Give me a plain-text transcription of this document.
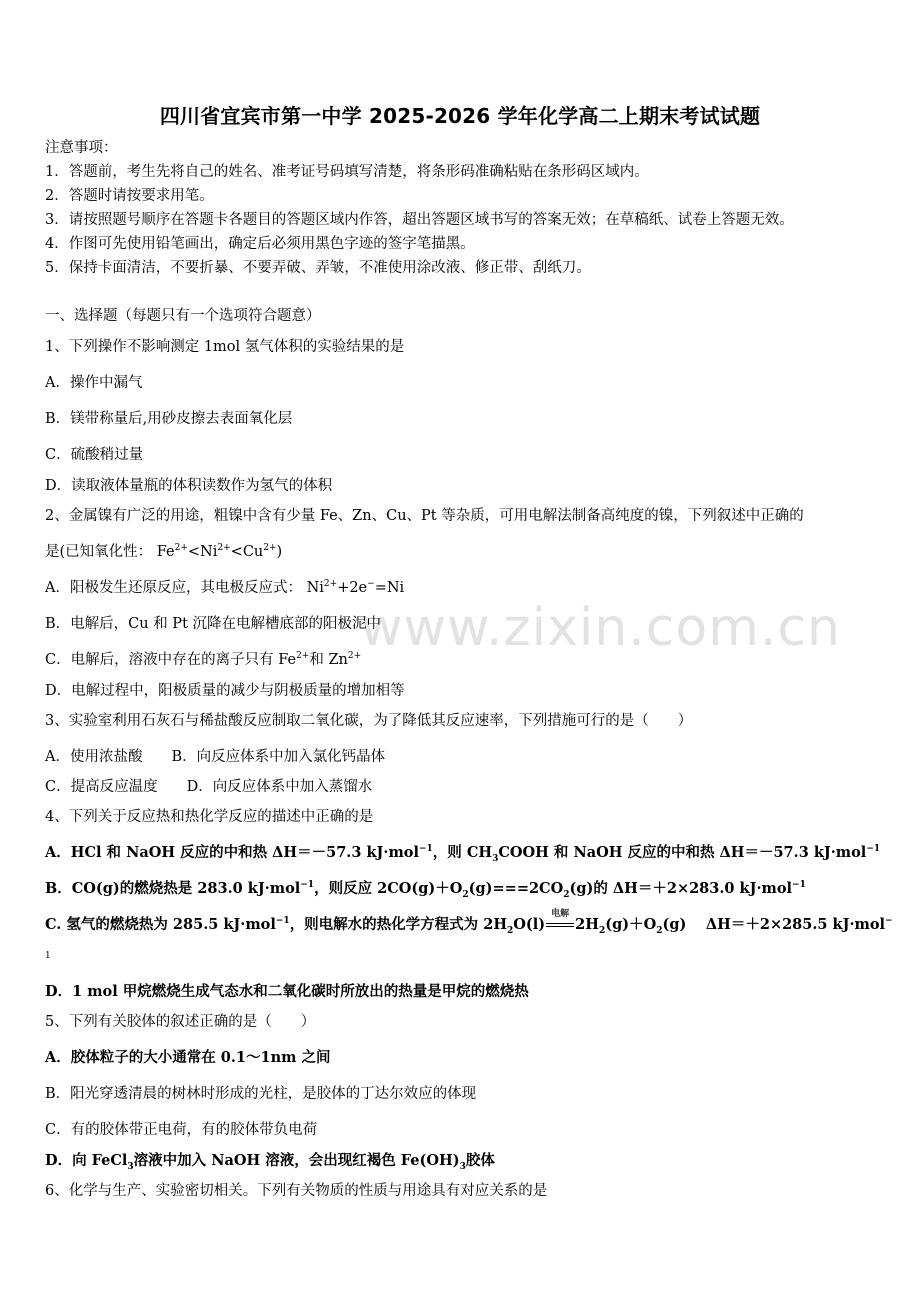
www.zixin.com.cn
四川省宜宾市第一中学 2025-2026 学年化学高二上期末考试试题
注意事项：
1．答题前，考生先将自己的姓名、准考证号码填写清楚，将条形码准确粘贴在条形码区域内。
2．答题时请按要求用笔。
3．请按照题号顺序在答题卡各题目的答题区域内作答，超出答题区域书写的答案无效；在草稿纸、试卷上答题无效。
4．作图可先使用铅笔画出，确定后必须用黑色字迹的签字笔描黑。
5．保持卡面清洁，不要折暴、不要弄破、弄皱，不准使用涂改液、修正带、刮纸刀。
一、选择题（每题只有一个选项符合题意）
1、下列操作不影响测定 1mol 氢气体积的实验结果的是
A．操作中漏气
B．镁带称量后,用砂皮擦去表面氧化层
C．硫酸稍过量
D．读取液体量瓶的体积读数作为氢气的体积
2、金属镍有广泛的用途，粗镍中含有少量 Fe、Zn、Cu、Pt 等杂质，可用电解法制备高纯度的镍，下列叙述中正确的
是(已知氧化性： $Fe^{2+}<Ni^{2+}<Cu^{2+}$)
A．阳极发生还原反应，其电极反应式： $Ni^{2+}+2e^-=Ni$
B．电解后，Cu 和 Pt 沉降在电解槽底部的阳极泥中
C．电解后，溶液中存在的离子只有 $Fe^{2+}$和 $Zn^{2+}$
D．电解过程中，阳极质量的减少与阴极质量的增加相等
3、实验室利用石灰石与稀盐酸反应制取二氧化碳，为了降低其反应速率，下列措施可行的是（　　）
A．使用浓盐酸　　B．向反应体系中加入氯化钙晶体
C．提高反应温度　　D．向反应体系中加入蒸馏水
4、下列关于反应热和热化学反应的描述中正确的是
A．HCl 和 NaOH 反应的中和热 ΔH＝－57.3 kJ·mol$^{-1}$，则 $CH_3COOH$ 和 NaOH 反应的中和热 ΔH＝－57.3 kJ·mol$^{-1}$
B．CO(g)的燃烧热是 283.0 kJ·mol$^{-1}$，则反应 $2CO(g)+O_2(g)===2CO_2(g)$的 ΔH＝＋2×283.0 kJ·mol$^{-1}$
C. 氢气的燃烧热为 285.5 kJ·mol$^{-1}$，则电解水的热化学方程式为 $2H_2O(l)$
电解
$2H_2(g)+O_2(g)$　 ΔH＝＋2×285.5 kJ·mol−
1
D．1 mol 甲烷燃烧生成气态水和二氧化碳时所放出的热量是甲烷的燃烧热
5、下列有关胶体的叙述正确的是（　　）
A．胶体粒子的大小通常在 0.1～1nm 之间
B．阳光穿透清晨的树林时形成的光柱，是胶体的丁达尔效应的体现
C．有的胶体带正电荷，有的胶体带负电荷
D．向 FeCl$_3$溶液中加入 NaOH 溶液，会出现红褐色 $Fe(OH)_3$胶体
6、化学与生产、实验密切相关。下列有关物质的性质与用途具有对应关系的是
